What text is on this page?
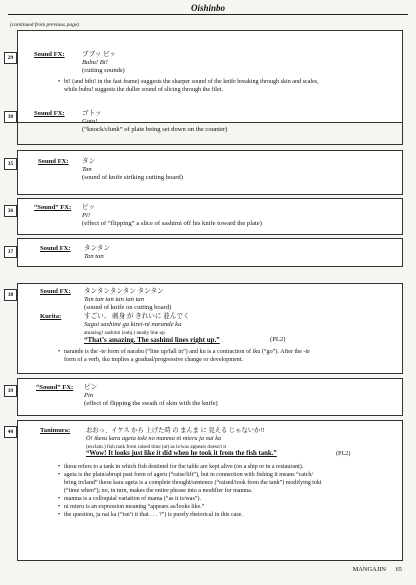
Oishinbo
(continued from previous page)
29	Sound FX:	ブブッ ビッ
Bubu! Bi!
(cutting sounds)
• bi! (and bibi! in the fast frame) suggests the sharper sound of the knife breaking through skin and scales,
while bubu! suggests the duller sound of slicing through the filet.
30	Sound FX:	ゴトッ
Goto!
(“knock/clunk” of plate being set down on the counter)
35	Sound FX: タン
Tan
(sound of knife striking cutting board)
36	“Sound” FX: ピッ
Pi!
(effect of “flipping” a slice of sashimi off his knife toward the plate)
37	Sound FX: タンタン
Tan tan
38	Sound FX: タンタンタンタン タンタン
Tan tan tan tan tan tan
(sound of knife on cutting board)
Kurita:	すごい、 刺身 が きれいに 並んでく
Sugoi sashimi ga kirei-ni narande ku
amazing! sashimi (subj.) neatly line up
“That’s amazing. The sashimi lines right up.”	(PL2)
• narande is the -te form of narabu (“line up/fall in”) and ku is a contraction of iku (“go”). After the -te
form of a verb, iku implies a gradual/progressive change or development.
39	“Sound” FX: ピン
Pin
(effect of flipping the swath of skin with the knife)
40	Tanimura:	おおっ、イケス から 上げた時 の まんま に 見える じゃないか!!
Ō! ikesu kara ageta toki no manma ni mieru ja nai ka
(exclam.) fish tank from raised time (at) as is/was appears doesn't it
“Wow! It looks just like it did when he took it from the fish tank.”	(PL2)
• ikesu refers to a tank in which fish destined for the table are kept alive (on a ship or in a restaurant).
• ageta is the plain/abrupt past form of ageru (“raise/lift”), but in connection with fishing it means “catch/
bring in/land” ikesu kara ageta is a complete thought/sentence (“raised/took from the tank”) modifying toki
(“time when”); no, in turn, makes the entire phrase into a modifier for manma.
• manma is a colloquial variation of mama (“as it is/was”).
• ni mieru is an expression meaning “appears as/looks like.”
• the question, ja nai ka (“isn’t it that . . . ?”) is purely rhetorical in this case.
MANGAJIN 65
